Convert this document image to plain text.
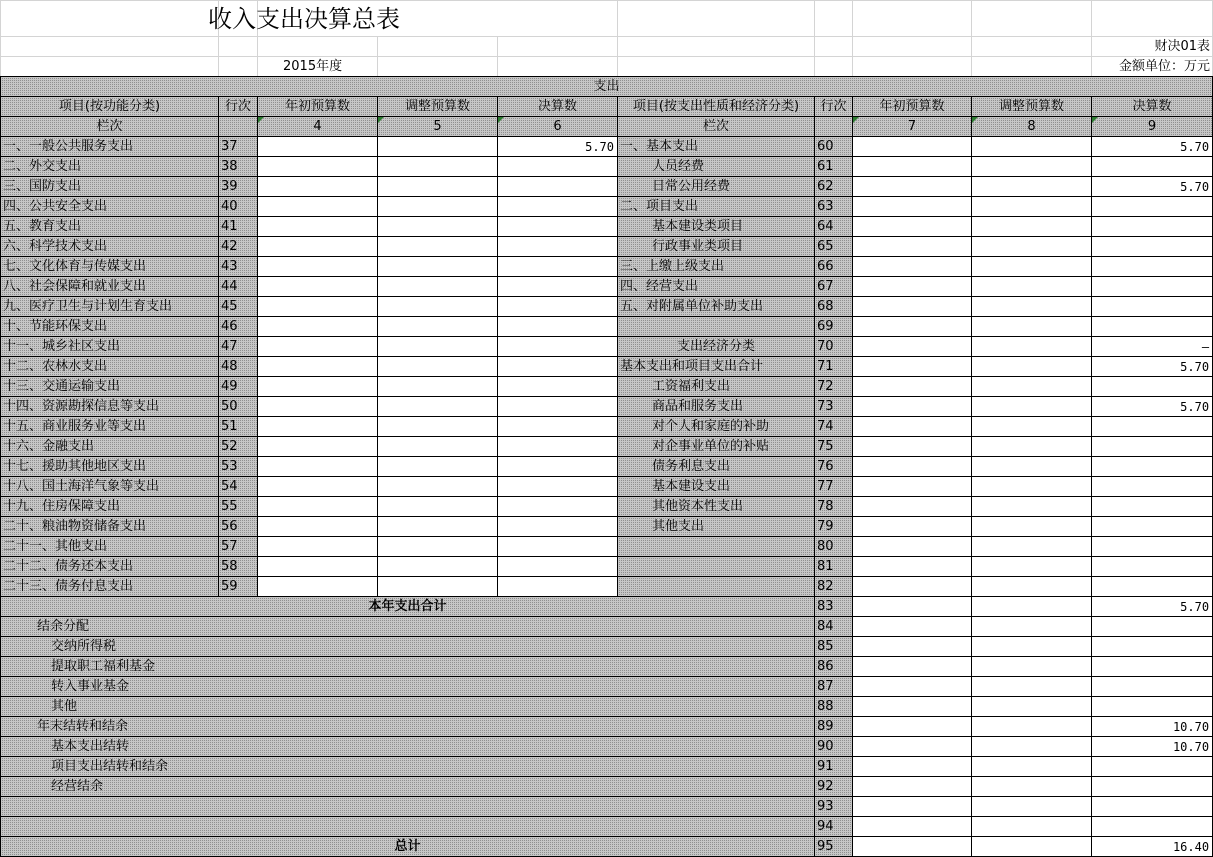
		收入支出决算总表							
									财决01表
		2015年度							金额单位：万元
支出									
项目(按功能分类)	行次	年初预算数	调整预算数	决算数	项目(按支出性质和经济分类)	行次	年初预算数	调整预算数	决算数
栏次		4	5	6	栏次		7	8	9
一、一般公共服务支出	37			5.70	一、基本支出	60			5.70
二、外交支出	38				人员经费	61			
三、国防支出	39				日常公用经费	62			5.70
四、公共安全支出	40				二、项目支出	63			
五、教育支出	41				基本建设类项目	64			
六、科学技术支出	42				行政事业类项目	65			
七、文化体育与传媒支出	43				三、上缴上级支出	66			
八、社会保障和就业支出	44				四、经营支出	67			
九、医疗卫生与计划生育支出	45				五、对附属单位补助支出	68			
十、节能环保支出	46					69			
十一、城乡社区支出	47				支出经济分类	70			—
十二、农林水支出	48				基本支出和项目支出合计	71			5.70
十三、交通运输支出	49				工资福利支出	72			
十四、资源勘探信息等支出	50				商品和服务支出	73			5.70
十五、商业服务业等支出	51				对个人和家庭的补助	74			
十六、金融支出	52				对企事业单位的补贴	75			
十七、援助其他地区支出	53				债务利息支出	76			
十八、国土海洋气象等支出	54				基本建设支出	77			
十九、住房保障支出	55				其他资本性支出	78			
二十、粮油物资储备支出	56				其他支出	79			
二十一、其他支出	57					80			
二十二、债务还本支出	58					81			
二十三、债务付息支出	59					82			
本年支出合计						83			5.70
结余分配						84			
交纳所得税						85			
提取职工福利基金						86			
转入事业基金						87			
其他						88			
年末结转和结余						89			10.70
基本支出结转						90			10.70
项目支出结转和结余						91			
经营结余						92			
						93			
						94			
总计						95			16.40
